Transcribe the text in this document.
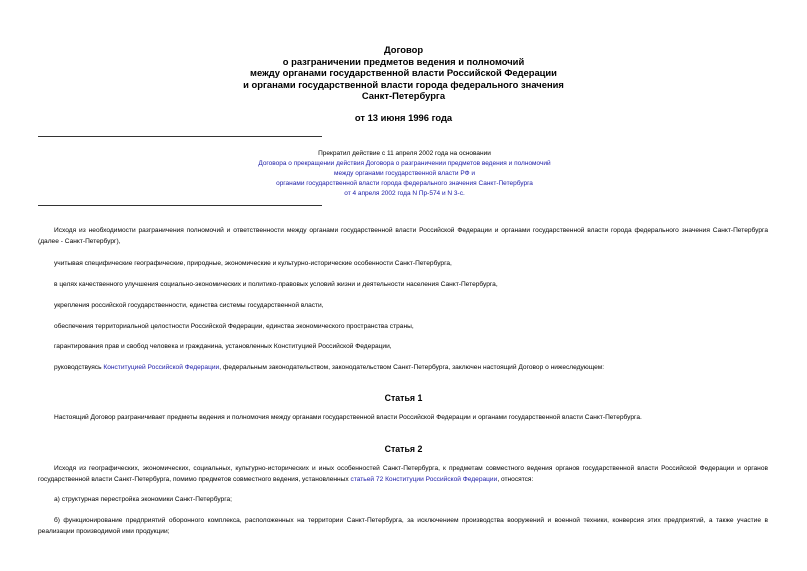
Договор
о разграничении предметов ведения и полномочий
между органами государственной власти Российской Федерации
и органами государственной власти города федерального значения
Санкт-Петербурга
от 13 июня 1996 года
Прекратил действие с 11 апреля 2002 года на основании
Договора о прекращении действия Договора о разграничении предметов ведения и полномочий
между органами государственной власти РФ и
органами государственной власти города федерального значения Санкт-Петербурга
от 4 апреля 2002 года N Пр-574 и N 3-с.
Исходя из необходимости разграничения полномочий и ответственности между органами государственной власти Российской Федерации и органами государственной власти города федерального значения Санкт-Петербурга (далее - Санкт-Петербург),
учитывая специфические географические, природные, экономические и культурно-исторические особенности Санкт-Петербурга,
в целях качественного улучшения социально-экономических и политико-правовых условий жизни и деятельности населения Санкт-Петербурга,
укрепления российской государственности, единства системы государственной власти,
обеспечения территориальной целостности Российской Федерации, единства экономического пространства страны,
гарантирования прав и свобод человека и гражданина, установленных Конституцией Российской Федерации,
руководствуясь Конституцией Российской Федерации, федеральным законодательством, законодательством Санкт-Петербурга, заключен настоящий Договор о нижеследующем:
Статья 1
Настоящий Договор разграничивает предметы ведения и полномочия между органами государственной власти Российской Федерации и органами государственной власти Санкт-Петербурга.
Статья 2
Исходя из географических, экономических, социальных, культурно-исторических и иных особенностей Санкт-Петербурга, к предметам совместного ведения органов государственной власти Российской Федерации и органов государственной власти Санкт-Петербурга, помимо предметов совместного ведения, установленных статьей 72 Конституции Российской Федерации, относятся:
а) структурная перестройка экономики Санкт-Петербурга;
б) функционирование предприятий оборонного комплекса, расположенных на территории Санкт-Петербурга, за исключением производства вооружений и военной техники, конверсия этих предприятий, а также участие в реализации производимой ими продукции;
